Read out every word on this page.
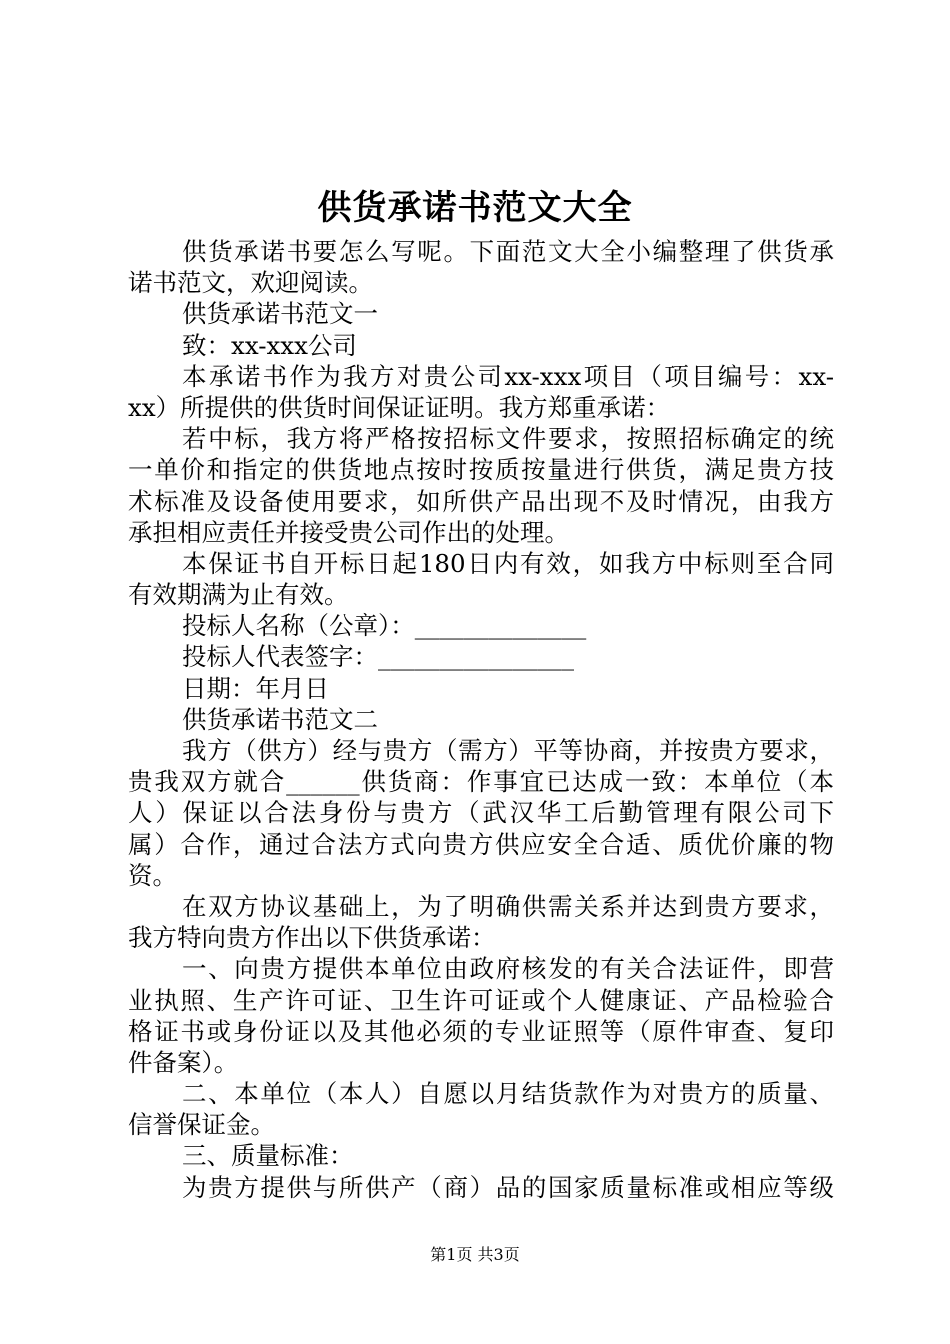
供货承诺书范文大全
供货承诺书要怎么写呢。下面范文大全小编整理了供货承
诺书范文，欢迎阅读。
供货承诺书范文一
致：xx-xxx公司
本承诺书作为我方对贵公司xx-xxx项目（项目编号：xx-
xx）所提供的供货时间保证证明。我方郑重承诺：
若中标，我方将严格按招标文件要求，按照招标确定的统
一单价和指定的供货地点按时按质按量进行供货，满足贵方技
术标准及设备使用要求，如所供产品出现不及时情况，由我方
承担相应责任并接受贵公司作出的处理。
本保证书自开标日起180日内有效，如我方中标则至合同
有效期满为止有效。
投标人名称（公章）：______________
投标人代表签字：________________
日期：年月日
供货承诺书范文二
我方（供方）经与贵方（需方）平等协商，并按贵方要求，
贵我双方就合______供货商：作事宜已达成一致：本单位（本
人）保证以合法身份与贵方（武汉华工后勤管理有限公司下
属）合作，通过合法方式向贵方供应安全合适、质优价廉的物
资。
在双方协议基础上，为了明确供需关系并达到贵方要求，
我方特向贵方作出以下供货承诺：
一、向贵方提供本单位由政府核发的有关合法证件，即营
业执照、生产许可证、卫生许可证或个人健康证、产品检验合
格证书或身份证以及其他必须的专业证照等（原件审查、复印
件备案）。
二、本单位（本人）自愿以月结货款作为对贵方的质量、
信誉保证金。
三、质量标准：
为贵方提供与所供产（商）品的国家质量标准或相应等级
第1页 共3页
